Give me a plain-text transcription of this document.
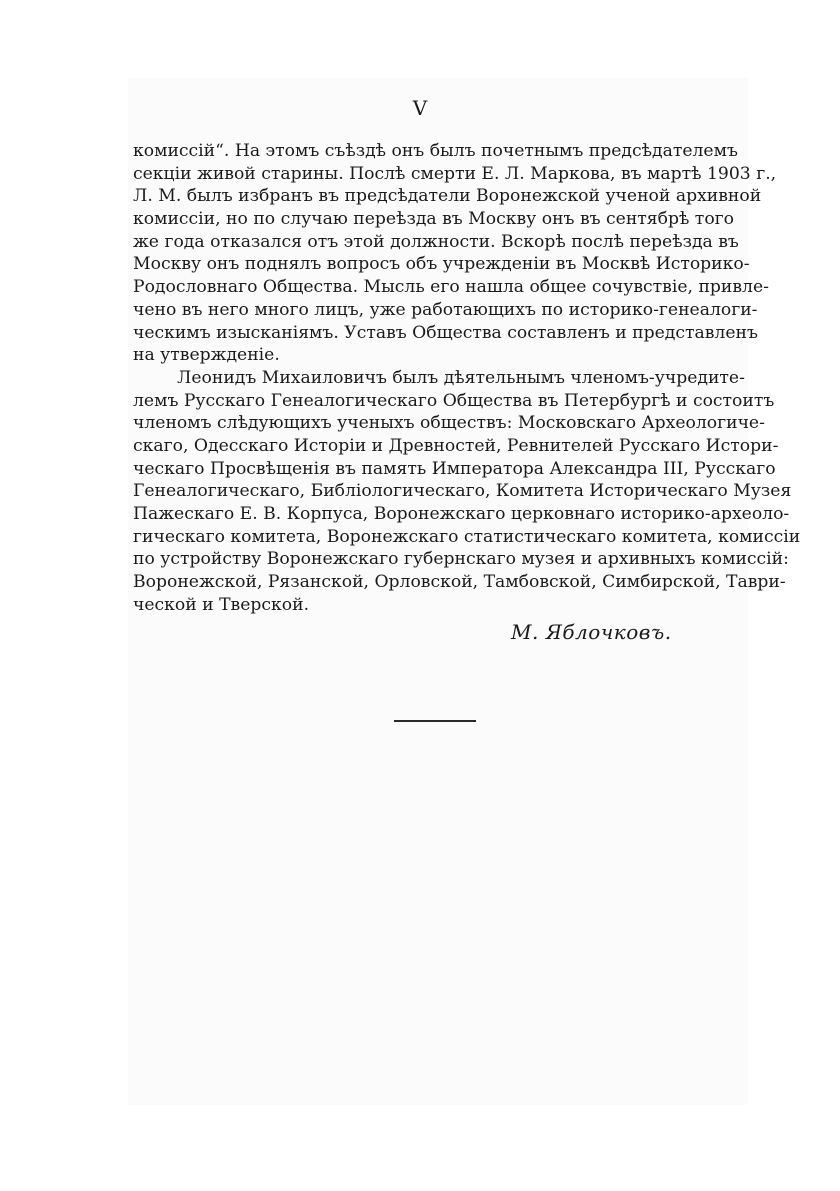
V
комиссій“. На этомъ съѣздѣ онъ былъ почетнымъ предсѣдателемъ
секціи живой старины. Послѣ смерти Е. Л. Маркова, въ мартѣ 1903 г.,
Л. М. былъ избранъ въ предсѣдатели Воронежской ученой архивной
комиссіи, но по случаю переѣзда въ Москву онъ въ сентябрѣ того
же года отказался отъ этой должности. Вскорѣ послѣ переѣзда въ
Москву онъ поднялъ вопросъ объ учрежденіи въ Москвѣ Историко-
Родословнаго Общества. Мысль его нашла общее сочувствіе, привле-
чено въ него много лицъ, уже работающихъ по историко-генеалоги-
ческимъ изысканіямъ. Уставъ Общества составленъ и представленъ
на утвержденіе.
Леонидъ Михаиловичъ былъ дѣятельнымъ членомъ-учредите-
лемъ Русскаго Генеалогическаго Общества въ Петербургѣ и состоитъ
членомъ слѣдующихъ ученыхъ обществъ: Московскаго Археологиче-
скаго, Одесскаго Исторіи и Древностей, Ревнителей Русскаго Истори-
ческаго Просвѣщенія въ память Императора Александра III, Русскаго
Генеалогическаго, Библіологическаго, Комитета Историческаго Музея
Пажескаго Е. В. Корпуса, Воронежскаго церковнаго историко-археоло-
гическаго комитета, Воронежскаго статистическаго комитета, комиссіи
по устройству Воронежскаго губернскаго музея и архивныхъ комиссій:
Воронежской, Рязанской, Орловской, Тамбовской, Симбирской, Таври-
ческой и Тверской.
М. Яблочковъ.
